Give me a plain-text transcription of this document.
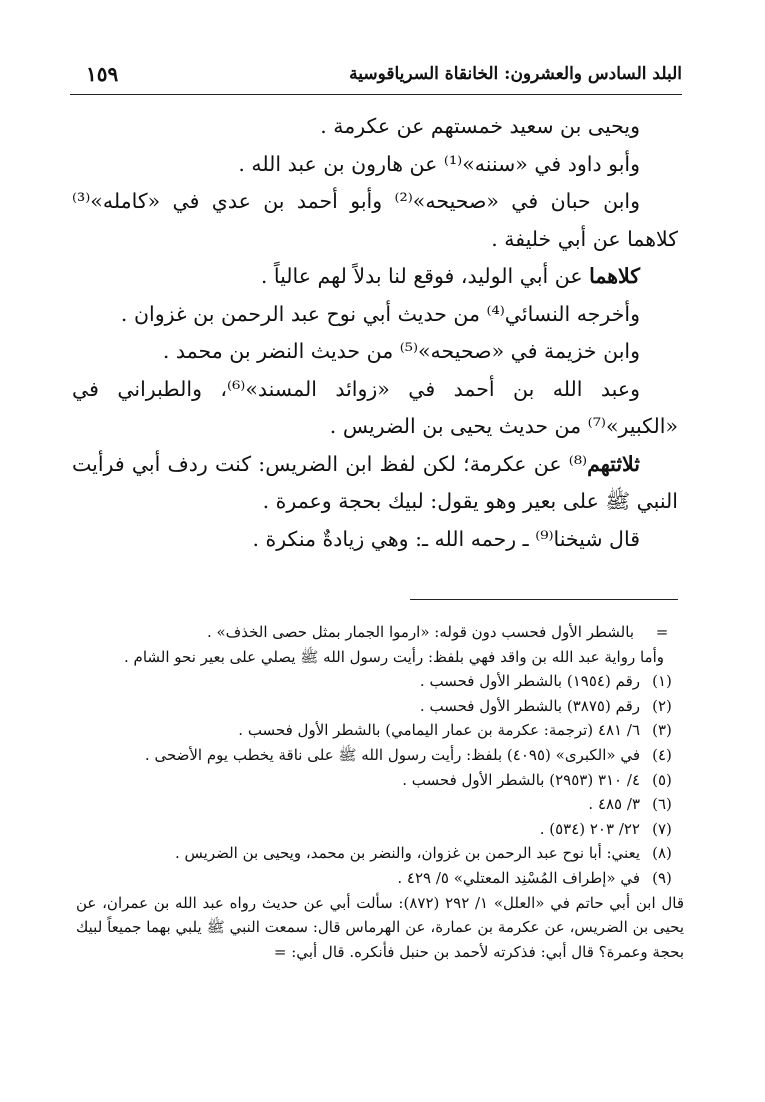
البلد السادس والعشرون: الخانقاة السرياقوسية
١٥٩

ويحيى بن سعيد خمستهم عن عكرمة .

وأبو داود في «سننه»⁽¹⁾ عن هارون بن عبد الله .

وابن حبان في «صحيحه»⁽²⁾ وأبو أحمد بن عدي في «كامله»⁽³⁾ كلاهما عن أبي خليفة .

كلاهما عن أبي الوليد، فوقع لنا بدلاً لهم عالياً .

وأخرجه النسائي⁽⁴⁾ من حديث أبي نوح عبد الرحمن بن غزوان .

وابن خزيمة في «صحيحه»⁽⁵⁾ من حديث النضر بن محمد .

وعبد الله بن أحمد في «زوائد المسند»⁽⁶⁾، والطبراني في «الكبير»⁽⁷⁾ من حديث يحيى بن الضريس .

ثلاثتهم⁽⁸⁾ عن عكرمة؛ لكن لفظ ابن الضريس: كنت ردف أبي فرأيت النبي ﷺ على بعير وهو يقول: لبيك بحجة وعمرة .

قال شيخنا⁽⁹⁾ ـ رحمه الله ـ: وهي زيادةٌ منكرة .

=
بالشطر الأول فحسب دون قوله: «ارموا الجمار بمثل حصى الخذف» .
وأما رواية عبد الله بن واقد فهي بلفظ: رأيت رسول الله ﷺ يصلي على بعير نحو الشام .
(١)
رقم (١٩٥٤) بالشطر الأول فحسب .
(٢)
رقم (٣٨٧٥) بالشطر الأول فحسب .
(٣)
٦/ ٤٨١ (ترجمة: عكرمة بن عمار اليمامي) بالشطر الأول فحسب .
(٤)
في «الكبرى» (٤٠٩٥) بلفظ: رأيت رسول الله ﷺ على ناقة يخطب يوم الأضحى .
(٥)
٤/ ٣١٠ (٢٩٥٣) بالشطر الأول فحسب .
(٦)
٣/ ٤٨٥ .
(٧)
٢٢/ ٢٠٣ (٥٣٤) .
(٨)
يعني: أبا نوح عبد الرحمن بن غزوان، والنضر بن محمد، ويحيى بن الضريس .
(٩)
في «إطراف المُسْنِد المعتلي» ٥/ ٤٢٩ .
قال ابن أبي حاتم في «العلل» ١/ ٢٩٢ (٨٧٢): سألت أبي عن حديث رواه عبد الله بن عمران، عن يحيى بن الضريس، عن عكرمة بن عمارة، عن الهرماس قال: سمعت النبي ﷺ يلبي بهما جميعاً لبيك بحجة وعمرة؟ قال أبي: فذكرته لأحمد بن حنبل فأنكره. قال أبي: =
